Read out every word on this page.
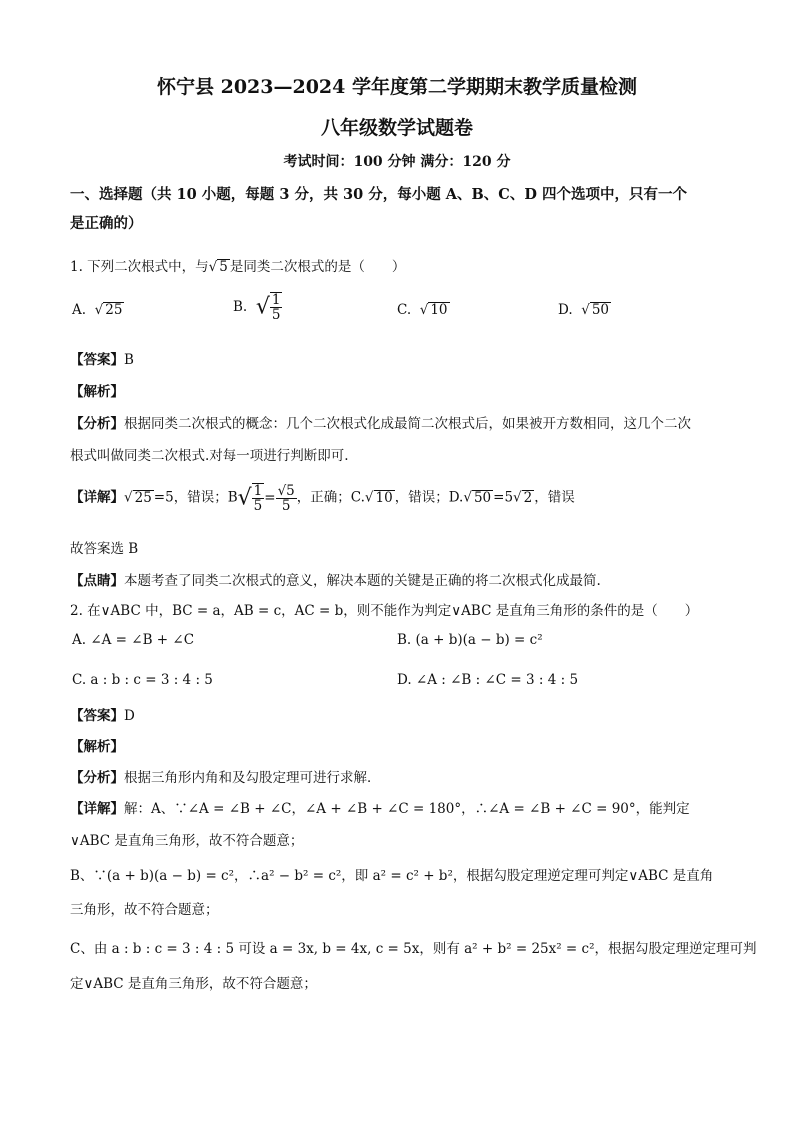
怀宁县 2023—2024 学年度第二学期期末教学质量检测
八年级数学试题卷
考试时间：100 分钟 满分：120 分
一、选择题（共 10 小题，每题 3 分，共 30 分，每小题 A、B、C、D 四个选项中，只有一个
是正确的）
1. 下列二次根式中，与√ 5 是同类二次根式的是（　　）
A. √ 25	B. √ $\frac{1}{5}$	C. √ 10	D. √ 50
【答案】B
【解析】
【分析】根据同类二次根式的概念：几个二次根式化成最简二次根式后，如果被开方数相同，这几个二次
根式叫做同类二次根式.对每一项进行判断即可.
【详解】√ 25 =5，错误；$B√ \frac{1}{5} = \frac{√5}{5}$ ，正确；C.√ 10 ，错误；D.√ 50 =5√ 2 ，错误
故答案选 B
【点睛】本题考查了同类二次根式的意义，解决本题的关键是正确的将二次根式化成最简.
2. 在∨ABC 中，BC = a，AB = c，AC = b，则不能作为判定∨ABC 是直角三角形的条件的是（　　）
A. ∠A = ∠B + ∠C	B. (a + b)(a − b) = c²
C. a : b : c = 3 : 4 : 5	D. ∠A : ∠B : ∠C = 3 : 4 : 5
【答案】D
【解析】
【分析】根据三角形内角和及勾股定理可进行求解．
【详解】解：A、∵∠A = ∠B + ∠C，∠A + ∠B + ∠C = 180°，∴∠A = ∠B + ∠C = 90°，能判定
∨ABC 是直角三角形，故不符合题意；
B、∵(a + b)(a − b) = c²，∴a² − b² = c²，即 a² = c² + b²，根据勾股定理逆定理可判定∨ABC 是直角
三角形，故不符合题意；
C、由 a : b : c = 3 : 4 : 5 可设 a = 3x, b = 4x, c = 5x，则有 a² + b² = 25x² = c²，根据勾股定理逆定理可判
定∨ABC 是直角三角形，故不符合题意；
